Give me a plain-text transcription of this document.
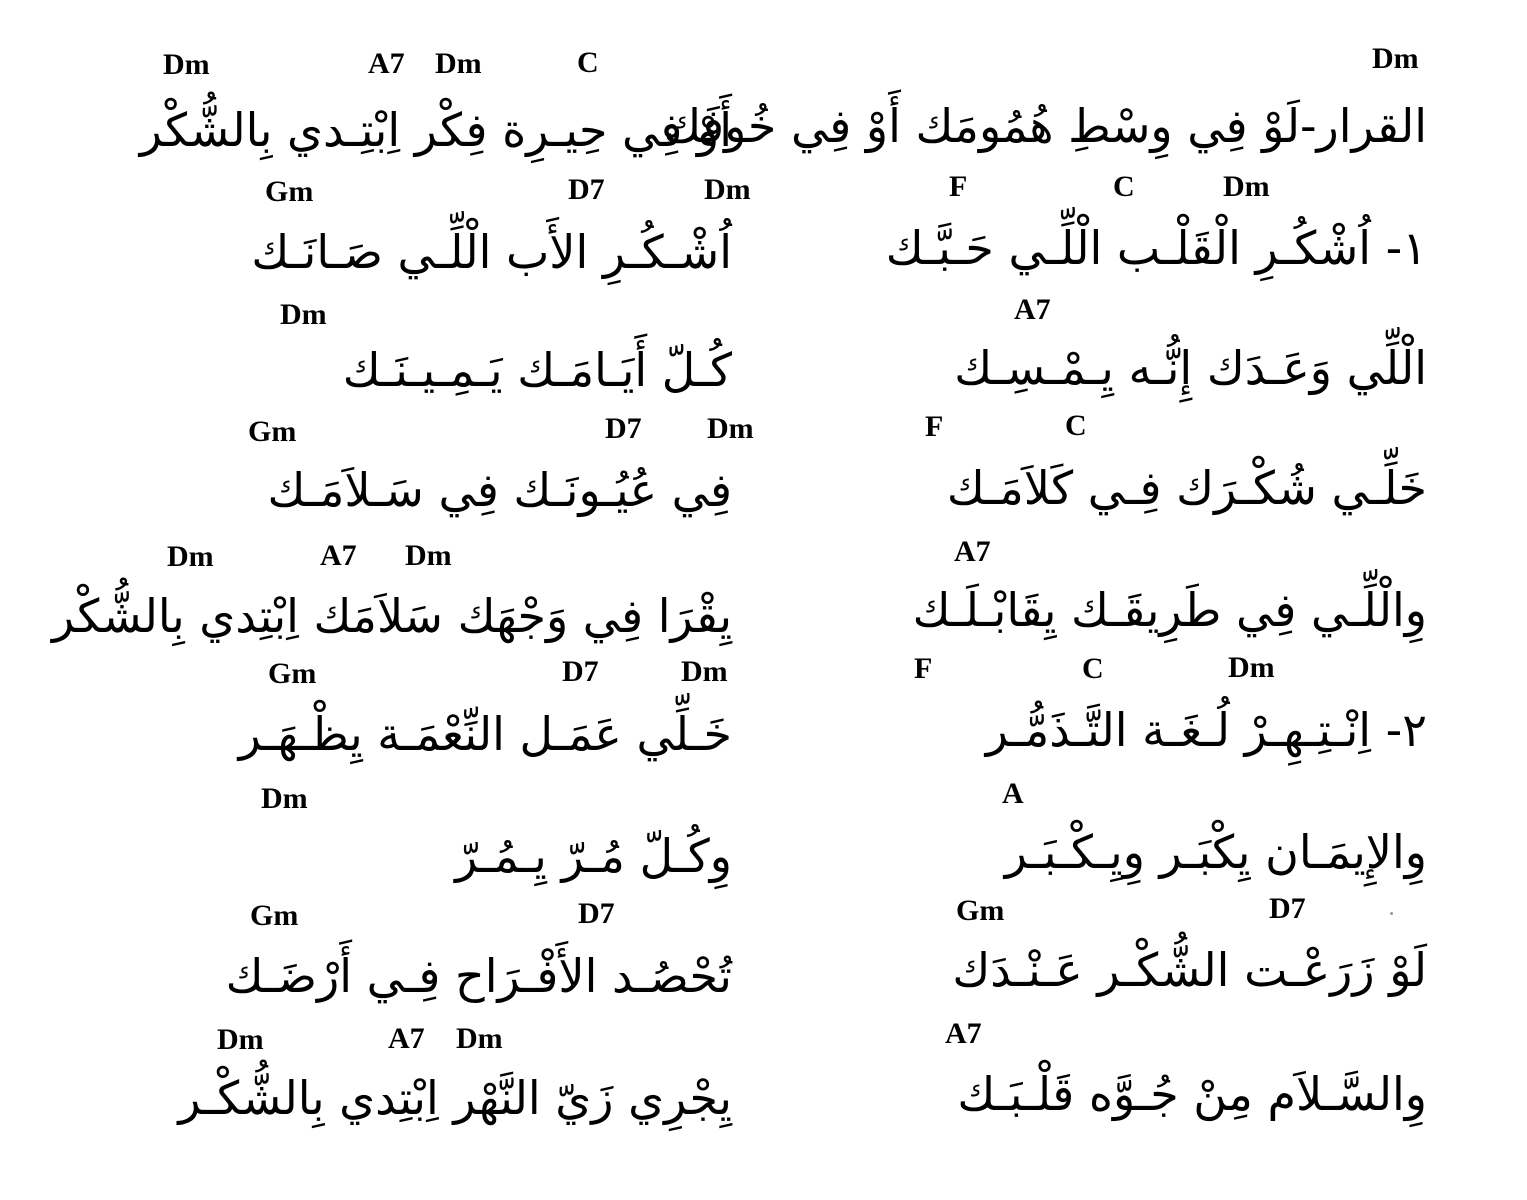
Dm
Dm	A7 Dm	C
القرار-لَوْ فِي وِسْطِ هُمُومَك أَوْ فِي خُوفَك
أَوْ فِي حِيـرِة فِكْر اِبْتِـدي بِالشُّكْر
F	C	Dm
Gm	D7	Dm
١- اُشْكُـرِ الْقَلْـب الْلِّـي حَـبَّـك
اُشْـكُـرِ الأَب الْلِّـي صَـانَـك
A7
Dm
الْلِّي وَعَـدَك إِنُّـه يِـمْـسِـك
كُـلّ أَيَـامَـك يَـمِـيـنَـك
F	C
Gm	D7 Dm
خَلِّـي شُكْـرَك فِـي كَلاَمَـك
فِي عُيُـونَـك فِي سَـلاَمَـك
A7
Dm	A7 Dm
وِالْلِّـي فِي طَرِيقَـك يِقَابْـلَـك
يِقْرَا فِي وَجْهَك سَلاَمَك اِبْتِدي بِالشُّكْر
F	C	Dm
Gm	D7	Dm
٢- اِنْـتِـهِـرْ لُـغَـة التَّـذَمُّـر
خَـلِّي عَمَـل النِّعْمَـة يِظْـهَـر
A
Dm
وِالإِيمَـان يِكْبَـر وِيِـكْـبَـر
وِكُـلّ مُـرّ يِـمُـرّ
Gm	D7
Gm	D7
لَوْ زَرَعْـت الشُّكْـر عَـنْـدَك
تُحْصُـد الأَفْـرَاح فِـي أَرْضَـك
A7
Dm	A7 Dm
وِالسَّـلاَم مِنْ جُـوَّه قَلْـبَـك
يِجْرِي زَيّ النَّهْر اِبْتِدي بِالشُّكْـر
